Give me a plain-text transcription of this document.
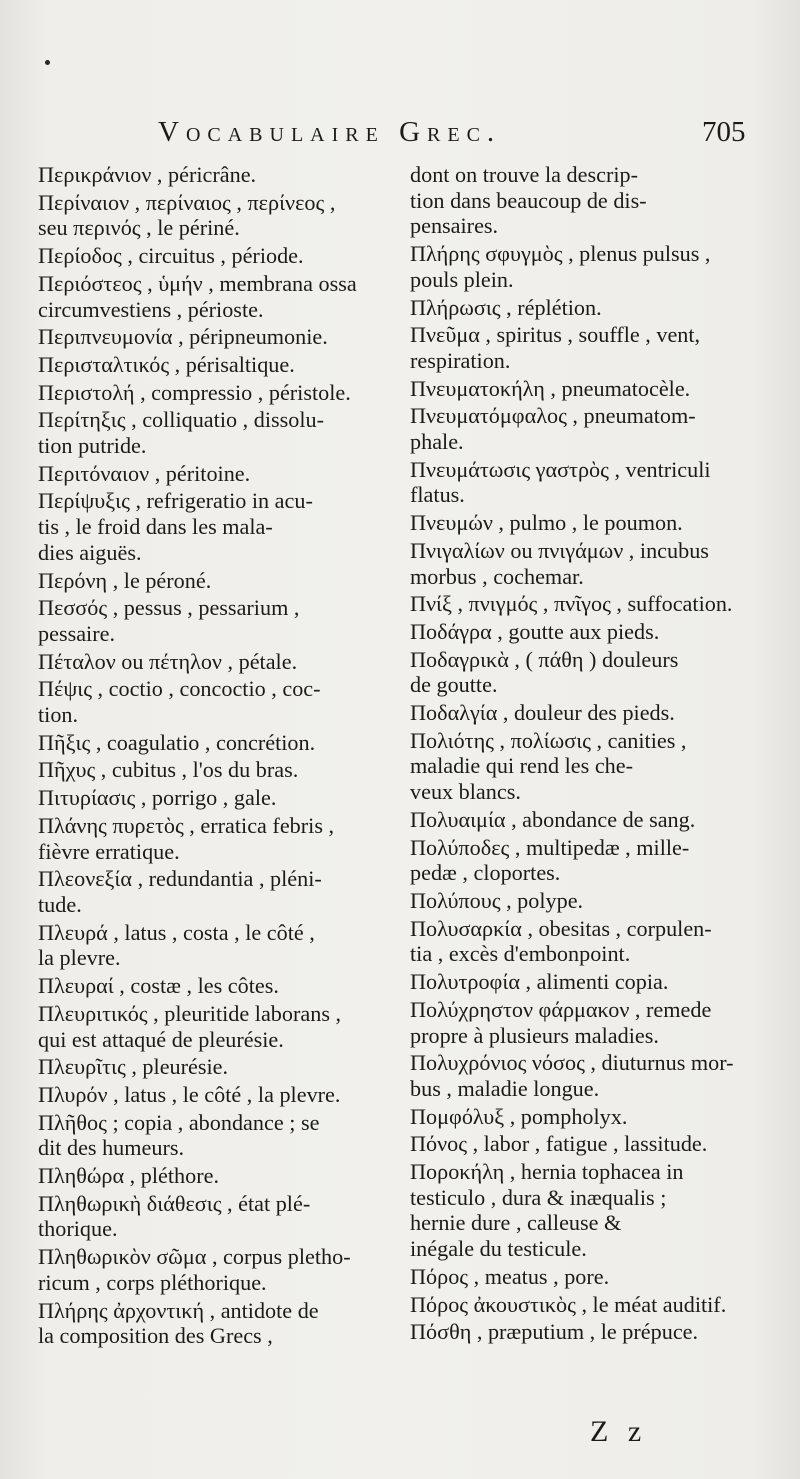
Vocabulaire Grec.	705
Περικράνιον , péricrâne.
Περίναιον , περίναιος , περίνεος ,
seu περινός , le périné.
Περίοδος , circuitus , période.
Περιόστεος , ὑμήν , membrana ossa
circumvestiens , périoste.
Περιπνευμονία , péripneumonie.
Περισταλτικός , périsaltique.
Περιστολή , compressio , péristole.
Περίτηξις , colliquatio , dissolu-
tion putride.
Περιτόναιον , péritoine.
Περίψυξις , refrigeratio in acu-
tis , le froid dans les mala-
dies aiguës.
Περόνη , le péroné.
Πεσσός , pessus , pessarium ,
pessaire.
Πέταλον ou πέτηλον , pétale.
Πέψις , coctio , concoctio , coc-
tion.
Πῆξις , coagulatio , concrétion.
Πῆχυς , cubitus , l'os du bras.
Πιτυρίασις , porrigo , gale.
Πλάνης πυρετὸς , erratica febris ,
fièvre erratique.
Πλεονεξία , redundantia , pléni-
tude.
Πλευρά , latus , costa , le côté ,
la plevre.
Πλευραί , costæ , les côtes.
Πλευριτικός , pleuritide laborans ,
qui est attaqué de pleurésie.
Πλευρῖτις , pleurésie.
Πλυρόν , latus , le côté , la plevre.
Πλῆθος ; copia , abondance ; se
dit des humeurs.
Πληθώρα , pléthore.
Πληθωρικὴ διάθεσις , état plé-
thorique.
Πληθωρικὸν σῶμα , corpus pletho-
ricum , corps pléthorique.
Πλήρης ἀρχοντική , antidote de
la composition des Grecs ,
dont on trouve la descrip-
tion dans beaucoup de dis-
pensaires.
Πλήρης σφυγμὸς , plenus pulsus ,
pouls plein.
Πλήρωσις , réplétion.
Πνεῦμα , spiritus , souffle , vent,
respiration.
Πνευματοκήλη , pneumatocèle.
Πνευματόμφαλος , pneumatom-
phale.
Πνευμάτωσις γαστρὸς , ventriculi
flatus.
Πνευμών , pulmo , le poumon.
Πνιγαλίων ou πνιγάμων , incubus
morbus , cochemar.
Πνίξ , πνιγμός , πνῖγος , suffocation.
Ποδάγρα , goutte aux pieds.
Ποδαγρικὰ , ( πάθη ) douleurs
de goutte.
Ποδαλγία , douleur des pieds.
Πολιότης , πολίωσις , canities ,
maladie qui rend les che-
veux blancs.
Πολυαιμία , abondance de sang.
Πολύποδες , multipedæ , mille-
pedæ , cloportes.
Πολύπους , polype.
Πολυσαρκία , obesitas , corpulen-
tia , excès d'embonpoint.
Πολυτροφία , alimenti copia.
Πολύχρηστον φάρμακον , remede
propre à plusieurs maladies.
Πολυχρόνιος νόσος , diuturnus mor-
bus , maladie longue.
Πομφόλυξ , pompholyx.
Πόνος , labor , fatigue , lassitude.
Ποροκήλη , hernia tophacea in
testiculo , dura & inæqualis ;
hernie dure , calleuse &
inégale du testicule.
Πόρος , meatus , pore.
Πόρος ἀκουστικὸς , le méat auditif.
Πόσθη , præputium , le prépuce.
Z z
